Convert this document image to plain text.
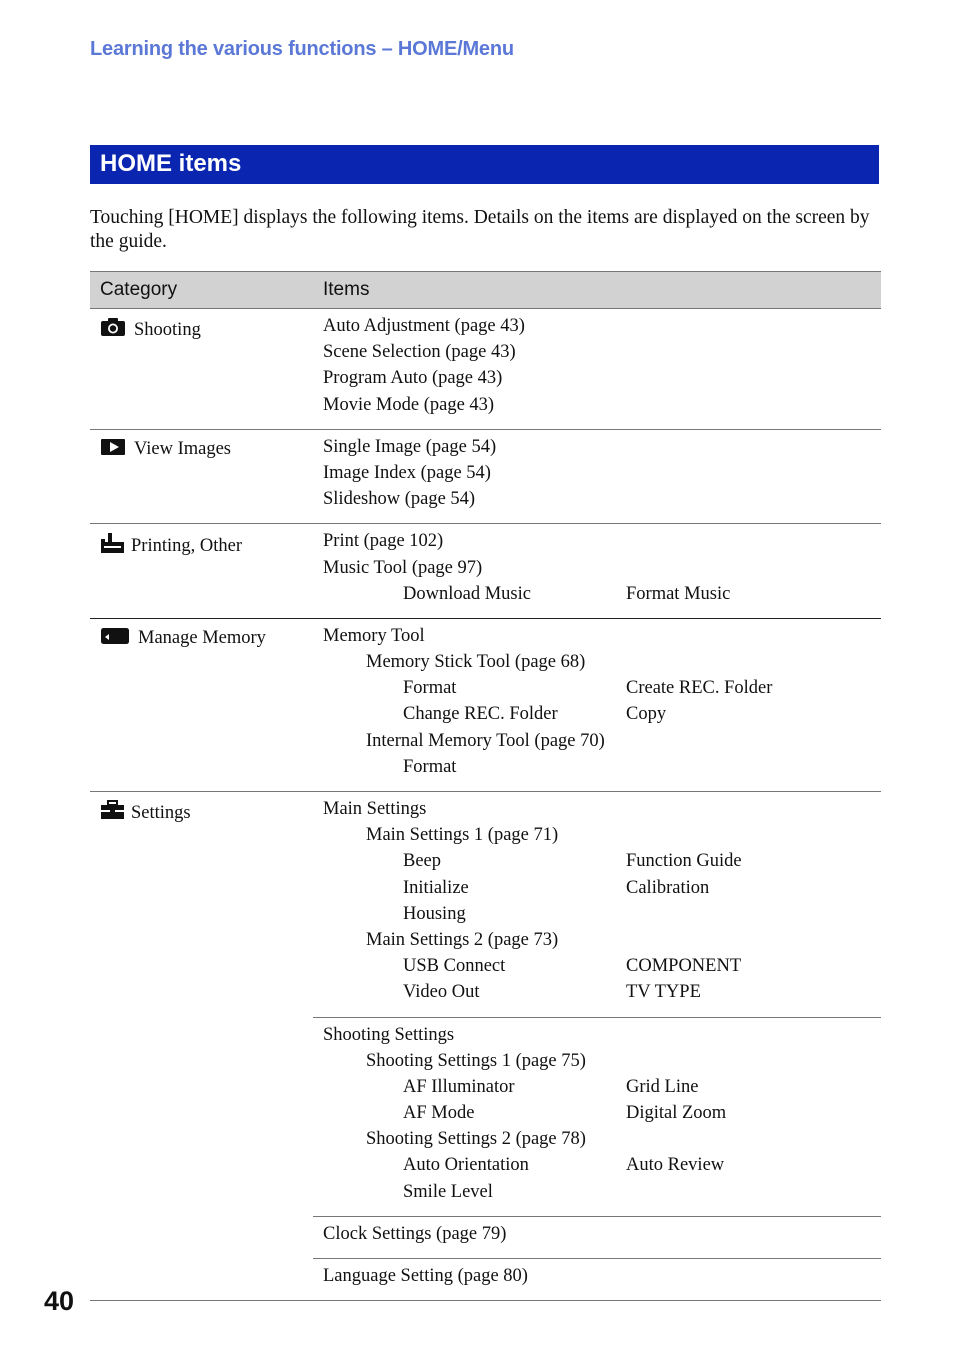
Learning the various functions – HOME/Menu
HOME items
Touching [HOME] displays the following items. Details on the items are displayed on the screen by the guide.
Category	Items
Shooting	Auto Adjustment (page 43)
Scene Selection (page 43)
Program Auto (page 43)
Movie Mode (page 43)
View Images	Single Image (page 54)
Image Index (page 54)
Slideshow (page 54)
Printing, Other	Print (page 102)
Music Tool (page 97)
Download Music	Format Music
Manage Memory	Memory Tool
Memory Stick Tool (page 68)
Format	Create REC. Folder
Change REC. Folder	Copy
Internal Memory Tool (page 70)
Format
Settings	Main Settings
Main Settings 1 (page 71)
Beep	Function Guide
Initialize	Calibration
Housing
Main Settings 2 (page 73)
USB Connect	COMPONENT
Video Out	TV TYPE
Shooting Settings
Shooting Settings 1 (page 75)
AF Illuminator	Grid Line
AF Mode	Digital Zoom
Shooting Settings 2 (page 78)
Auto Orientation	Auto Review
Smile Level
Clock Settings (page 79)
Language Setting (page 80)
40
